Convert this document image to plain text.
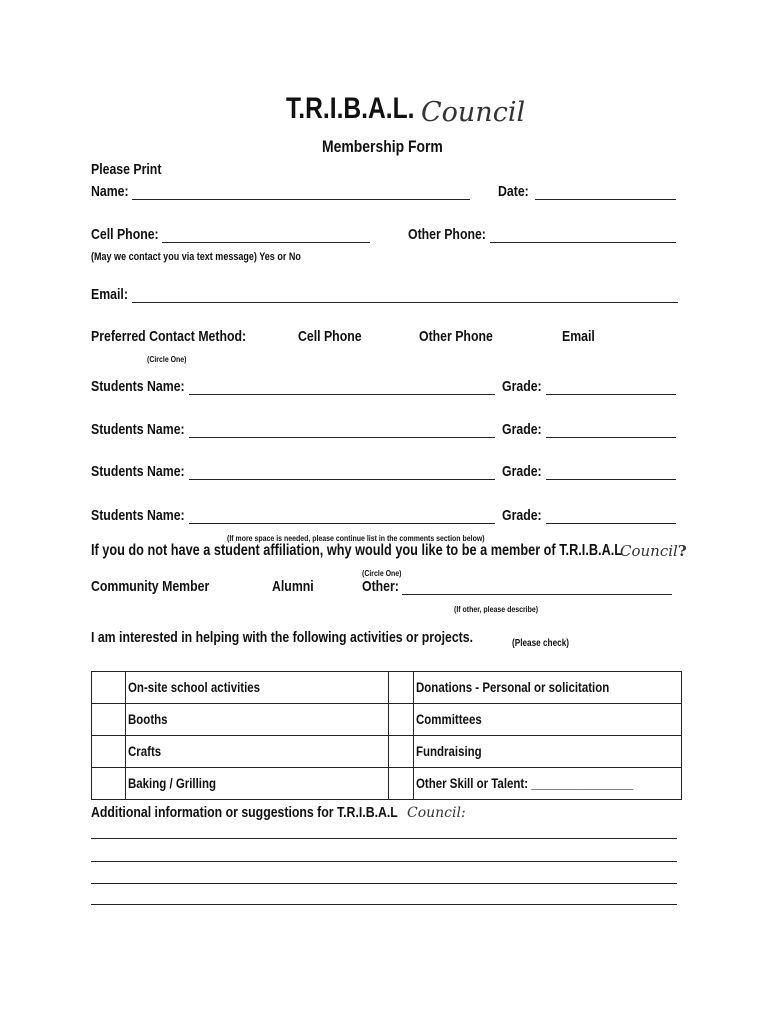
T.R.I.B.A.L. Council
Membership Form
Please Print
Name:	Date:
Cell Phone:	Other Phone:
(May we contact you via text message) Yes or No
Email:
Preferred Contact Method:	Cell Phone	Other Phone	Email
(Circle One)
Students Name:	Grade:
Students Name:	Grade:
Students Name:	Grade:
Students Name:	Grade:
(If more space is needed, please continue list in the comments section below)
If you do not have a student affiliation, why would you like to be a member of T.R.I.B.A.L
Council?
(Circle One)
Community Member	Alumni	Other:
(If other, please describe)
I am interested in helping with the following activities or projects.	(Please check)
	On-site school activities		Donations - Personal or solicitation
	Booths		Committees
	Crafts		Fundraising
	Baking / Grilling		Other Skill or Talent: ________________
Additional information or suggestions for T.R.I.B.A.L Council:
